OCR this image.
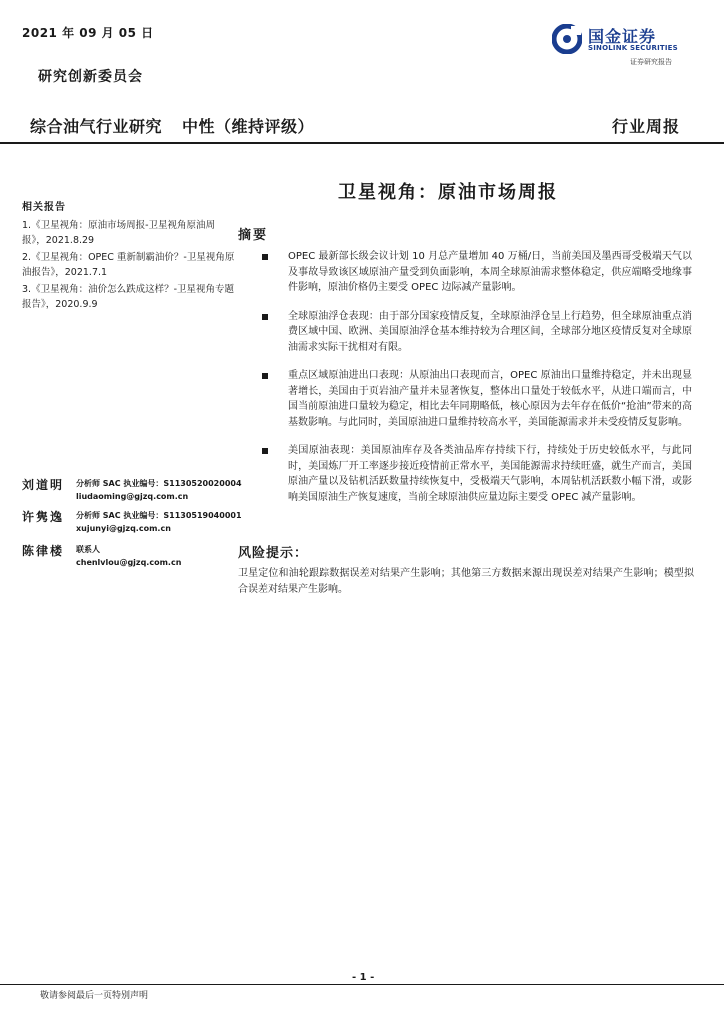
2021 年 09 月 05 日
研究创新委员会
国金证券
SINOLINK SECURITIES
证券研究报告
综合油气行业研究 中性（维持评级）	行业周报
卫星视角：原油市场周报
相关报告
1.《卫星视角：原油市场周报-卫星视角原油周报》，2021.8.29
2.《卫星视角：OPEC 重新制霸油价？-卫星视角原油报告》，2021.7.1
3.《卫星视角：油价怎么跌成这样？-卫星视角专题报告》，2020.9.9
摘要
OPEC 最新部长级会议计划 10 月总产量增加 40 万桶/日，当前美国及墨西哥受极端天气以及事故导致该区域原油产量受到负面影响，本周全球原油需求整体稳定，供应端略受地缘事件影响，原油价格仍主要受 OPEC 边际减产量影响。
全球原油浮仓表现：由于部分国家疫情反复，全球原油浮仓呈上行趋势，但全球原油重点消费区域中国、欧洲、美国原油浮仓基本维持较为合理区间，全球部分地区疫情反复对全球原油需求实际干扰相对有限。
重点区域原油进出口表现：从原油出口表现而言，OPEC 原油出口量维持稳定，并未出现显著增长，美国由于页岩油产量并未显著恢复，整体出口量处于较低水平，从进口端而言，中国当前原油进口量较为稳定，相比去年同期略低，核心原因为去年存在低价“抢油”带来的高基数影响。与此同时，美国原油进口量维持较高水平，美国能源需求并未受疫情反复影响。
美国原油表现：美国原油库存及各类油品库存持续下行，持续处于历史较低水平，与此同时，美国炼厂开工率逐步接近疫情前正常水平，美国能源需求持续旺盛，就生产而言，美国原油产量以及钻机活跃数量持续恢复中，受极端天气影响，本周钻机活跃数小幅下滑，或影响美国原油生产恢复速度，当前全球原油供应量边际主要受 OPEC 减产量影响。
刘道明 分析师 SAC 执业编号：S1130520020004
liudaoming@gjzq.com.cn
许隽逸 分析师 SAC 执业编号：S1130519040001
xujunyi@gjzq.com.cn
陈律楼 联系人
chenlvlou@gjzq.com.cn
风险提示：
卫星定位和油轮跟踪数据误差对结果产生影响；其他第三方数据来源出现误差对结果产生影响；模型拟合误差对结果产生影响。
- 1 -
敬请参阅最后一页特别声明
